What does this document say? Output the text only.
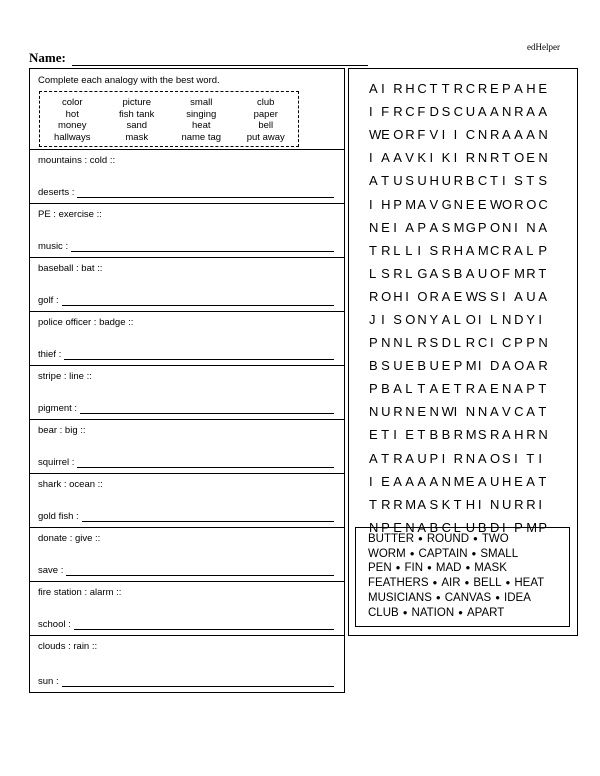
edHelper
Name:
Complete each analogy with the best word.
color	picture	small	club
hot	fish tank	singing	paper
money	sand	heat	bell
hallways	mask	name tag	put away
mountains : cold ::
deserts :
PE : exercise ::
music :
baseball : bat ::
golf :
police officer : badge ::
thief :
stripe : line ::
pigment :
bear : big ::
squirrel :
shark : ocean ::
gold fish :
donate : give ::
save :
fire station : alarm ::
school :
clouds : rain ::
sun :
A I R H C T T R C R E P A H E
I F R C F D S C U A A N R A A
W E O R F V I I C N R A A A N
I A A V K I K I R N R T O E N
A T U S U H U R B C T I S T S
I H P M A V G N E E W O R O C
N E I A P A S M G P O N I N A
T R L L I S R H A M C R A L P
L S R L G A S B A U O F M R T
R O H I O R A E W S S I A U A
J I S O N Y A L O I L N D Y I
P N N L R S D L R C I C P P N
B S U E B U E P M I D A O A R
P B A L T A E T R A E N A P T
N U R N E N W I N N A V C A T
E T I E T B B R M S R A H R N
A T R A U P I R N A O S I T I
I E A A A A N M E A U H E A T
T R R M A S K T H I N U R R I
N P E N A B C L U B D I P M P
BUTTER ● ROUND ● TWO
WORM ● CAPTAIN ● SMALL
PEN ● FIN ● MAD ● MASK
FEATHERS ● AIR ● BELL ● HEAT
MUSICIANS ● CANVAS ● IDEA
CLUB ● NATION ● APART
